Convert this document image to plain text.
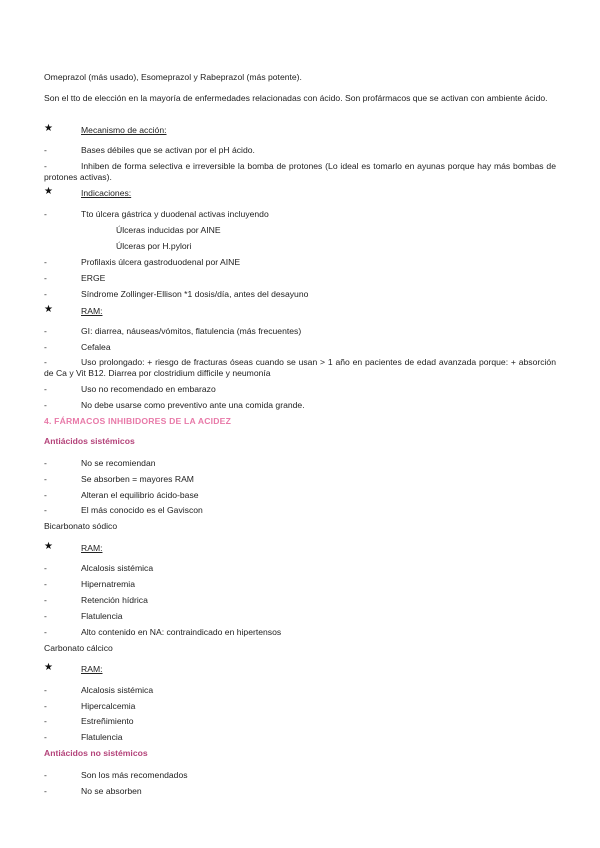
Omeprazol (más usado), Esomeprazol y Rabeprazol (más potente).
Son el tto de elección en la mayoría de enfermedades relacionadas con ácido. Son profármacos que se activan con ambiente ácido.
★	Mecanismo de acción:
-	Bases débiles que se activan por el pH ácido.
-	Inhiben de forma selectiva e irreversible la bomba de protones (Lo ideal es tomarlo en ayunas porque hay más bombas de protones activas).
★	Indicaciones:
-	Tto úlcera gástrica y duodenal activas incluyendo
Úlceras inducidas por AINE
Úlceras por H.pylori
-	Profilaxis úlcera gastroduodenal por AINE
-	ERGE
-	Síndrome Zollinger-Ellison *1 dosis/día, antes del desayuno
★	RAM:
-	GI: diarrea, náuseas/vómitos, flatulencia (más frecuentes)
-	Cefalea
-	Uso prolongado: + riesgo de fracturas óseas cuando se usan > 1 año en pacientes de edad avanzada porque: + absorción de Ca y Vit B12. Diarrea por clostridium difficile y neumonía
-	Uso no recomendado en embarazo
-	No debe usarse como preventivo ante una comida grande.
4. FÁRMACOS INHIBIDORES DE LA ACIDEZ
Antiácidos sistémicos
-	No se recomiendan
-	Se absorben = mayores RAM
-	Alteran el equilibrio ácido-base
-	El más conocido es el Gaviscon
Bicarbonato sódico
★	RAM:
-	Alcalosis sistémica
-	Hipernatremia
-	Retención hídrica
-	Flatulencia
-	Alto contenido en NA: contraindicado en hipertensos
Carbonato cálcico
★	RAM:
-	Alcalosis sistémica
-	Hipercalcemia
-	Estreñimiento
-	Flatulencia
Antiácidos no sistémicos
-	Son los más recomendados
-	No se absorben
